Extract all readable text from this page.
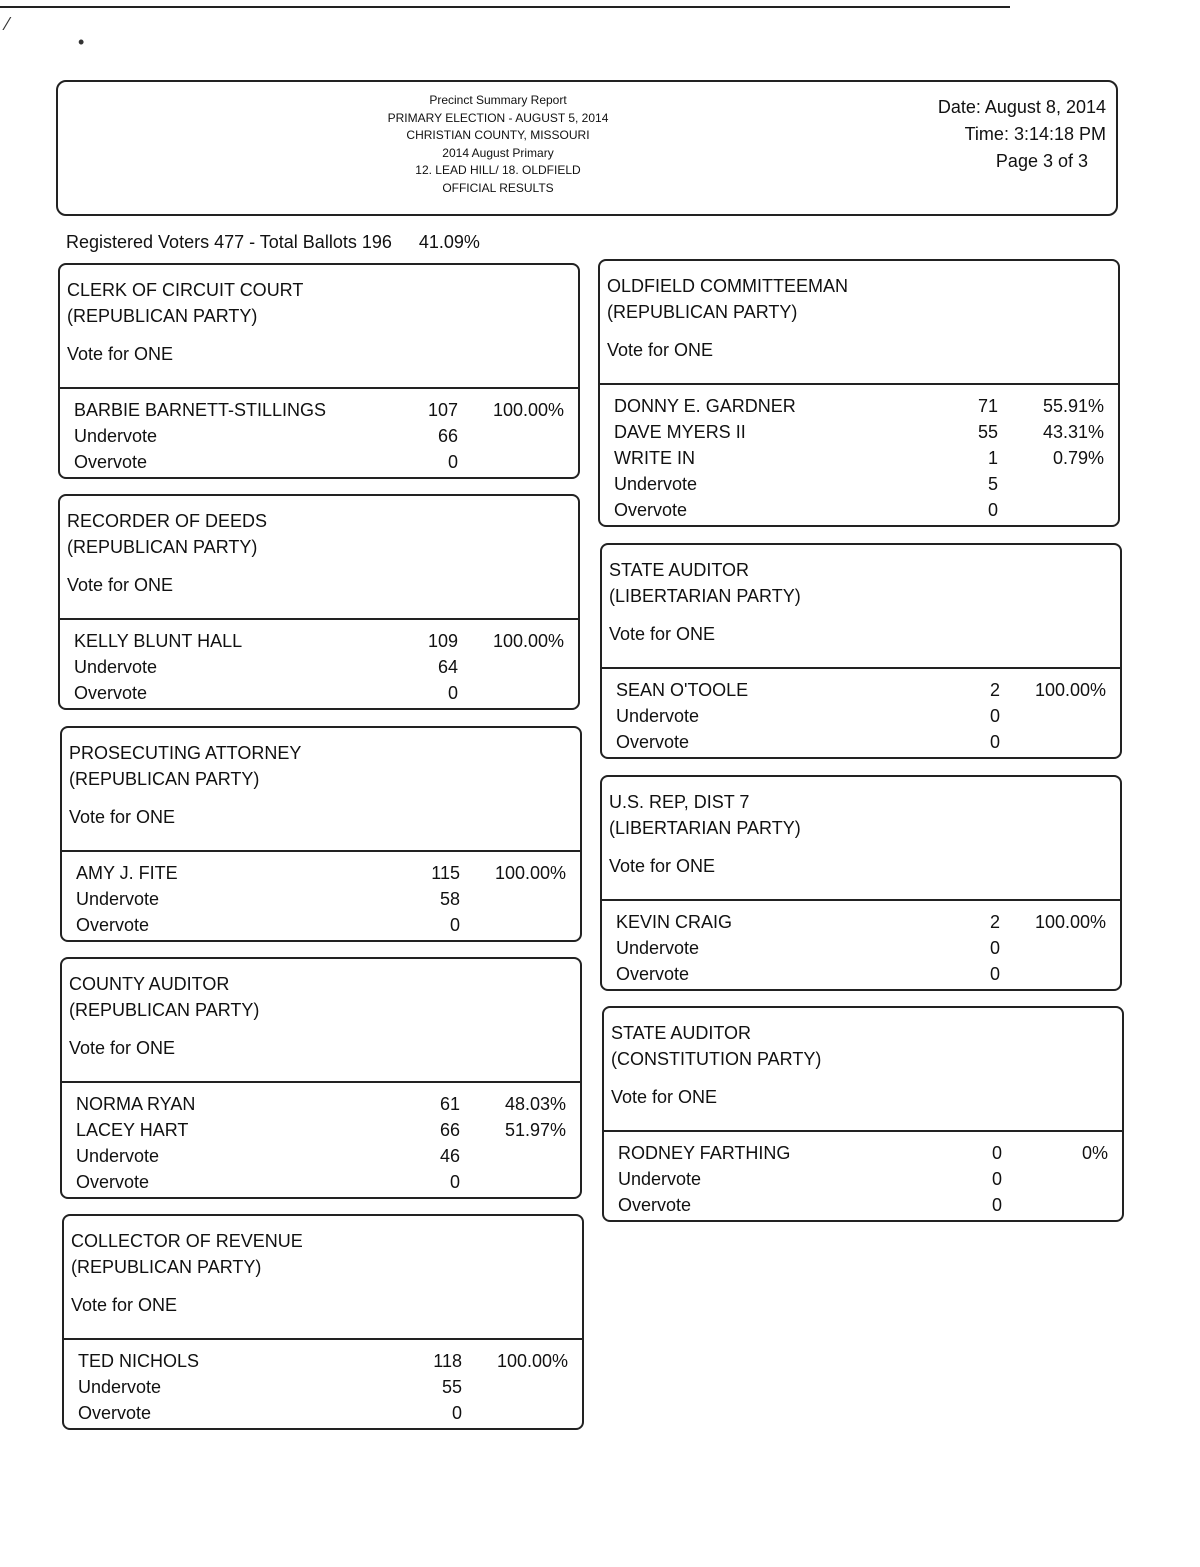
⁄
•
Precinct Summary Report
PRIMARY ELECTION - AUGUST 5, 2014
CHRISTIAN COUNTY, MISSOURI
2014 August Primary
12. LEAD HILL/ 18. OLDFIELD
OFFICIAL RESULTS
Date: August 8, 2014
Time: 3:14:18 PM
Page 3 of 3
Registered Voters 477 - Total Ballots 196 41.09%
CLERK OF CIRCUIT COURT
(REPUBLICAN PARTY)
Vote for ONE
BARBIE BARNETT-STILLINGS	107 100.00%
Undervote	66
Overvote	0
RECORDER OF DEEDS
(REPUBLICAN PARTY)
Vote for ONE
KELLY BLUNT HALL	109 100.00%
Undervote	64
Overvote	0
PROSECUTING ATTORNEY
(REPUBLICAN PARTY)
Vote for ONE
AMY J. FITE	115 100.00%
Undervote	58
Overvote	0
COUNTY AUDITOR
(REPUBLICAN PARTY)
Vote for ONE
NORMA RYAN	61 48.03%
LACEY HART	66 51.97%
Undervote	46
Overvote	0
COLLECTOR OF REVENUE
(REPUBLICAN PARTY)
Vote for ONE
TED NICHOLS	118 100.00%
Undervote	55
Overvote	0
OLDFIELD COMMITTEEMAN
(REPUBLICAN PARTY)
Vote for ONE
DONNY E. GARDNER	71 55.91%
DAVE MYERS II	55 43.31%
WRITE IN	1	0.79%
Undervote	5
Overvote	0
STATE AUDITOR
(LIBERTARIAN PARTY)
Vote for ONE
SEAN O'TOOLE	2 100.00%
Undervote	0
Overvote	0
U.S. REP, DIST 7
(LIBERTARIAN PARTY)
Vote for ONE
KEVIN CRAIG	2 100.00%
Undervote	0
Overvote	0
STATE AUDITOR
(CONSTITUTION PARTY)
Vote for ONE
RODNEY FARTHING	0	0%
Undervote	0
Overvote	0
